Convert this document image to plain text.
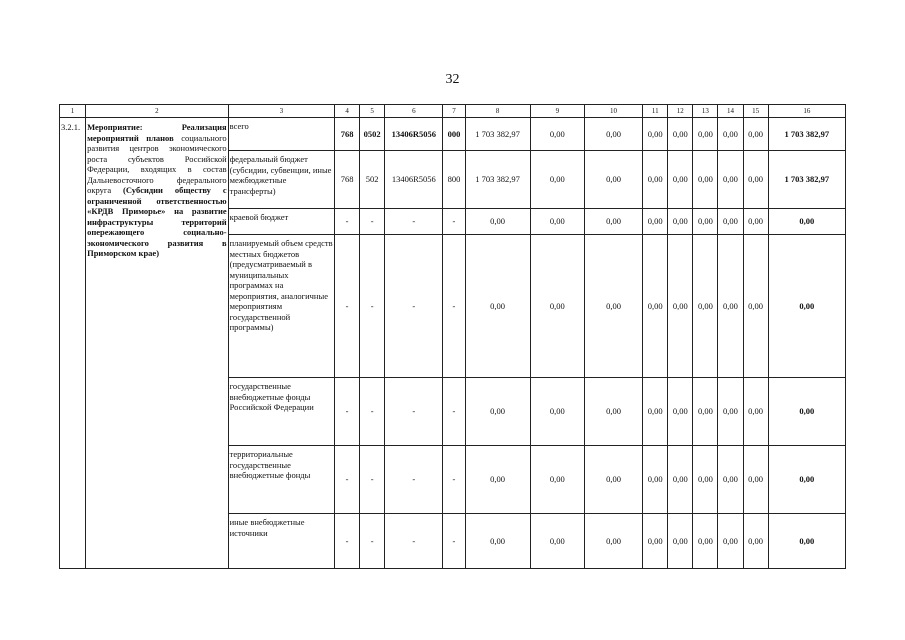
32
1	2	3	4	5	6	7	8	9	10	11	12	13	14	15	16
3.2.1.	Мероприятие: Реализация мероприятий планов социального развития центров экономического роста субъектов Российской Федерации, входящих в состав Дальневосточного федерального округа (Субсидии обществу с ограниченной ответственностью «КРДВ Приморье» на развитие инфраструктуры территорий опережающего социально-экономического развития в Приморском крае)	всего	768	0502	13406R5056	000	1 703 382,97	0,00	0,00	0,00	0,00	0,00	0,00	0,00	1 703 382,97
		федеральный бюджет (субсидии, субвенции, иные межбюджетные трансферты)	768	502	13406R5056	800	1 703 382,97	0,00	0,00	0,00	0,00	0,00	0,00	0,00	1 703 382,97
		краевой бюджет	-	-	-	-	0,00	0,00	0,00	0,00	0,00	0,00	0,00	0,00	0,00
		планируемый объем средств местных бюджетов (предусматриваемый в муниципальных программах на мероприятия, аналогичные мероприятиям государственной программы)	-	-	-	-	0,00	0,00	0,00	0,00	0,00	0,00	0,00	0,00	0,00
		государственные внебюджетные фонды Российской Федерации	-	-	-	-	0,00	0,00	0,00	0,00	0,00	0,00	0,00	0,00	0,00
		территориальные государственные внебюджетные фонды	-	-	-	-	0,00	0,00	0,00	0,00	0,00	0,00	0,00	0,00	0,00
		иные внебюджетные источники	-	-	-	-	0,00	0,00	0,00	0,00	0,00	0,00	0,00	0,00	0,00
